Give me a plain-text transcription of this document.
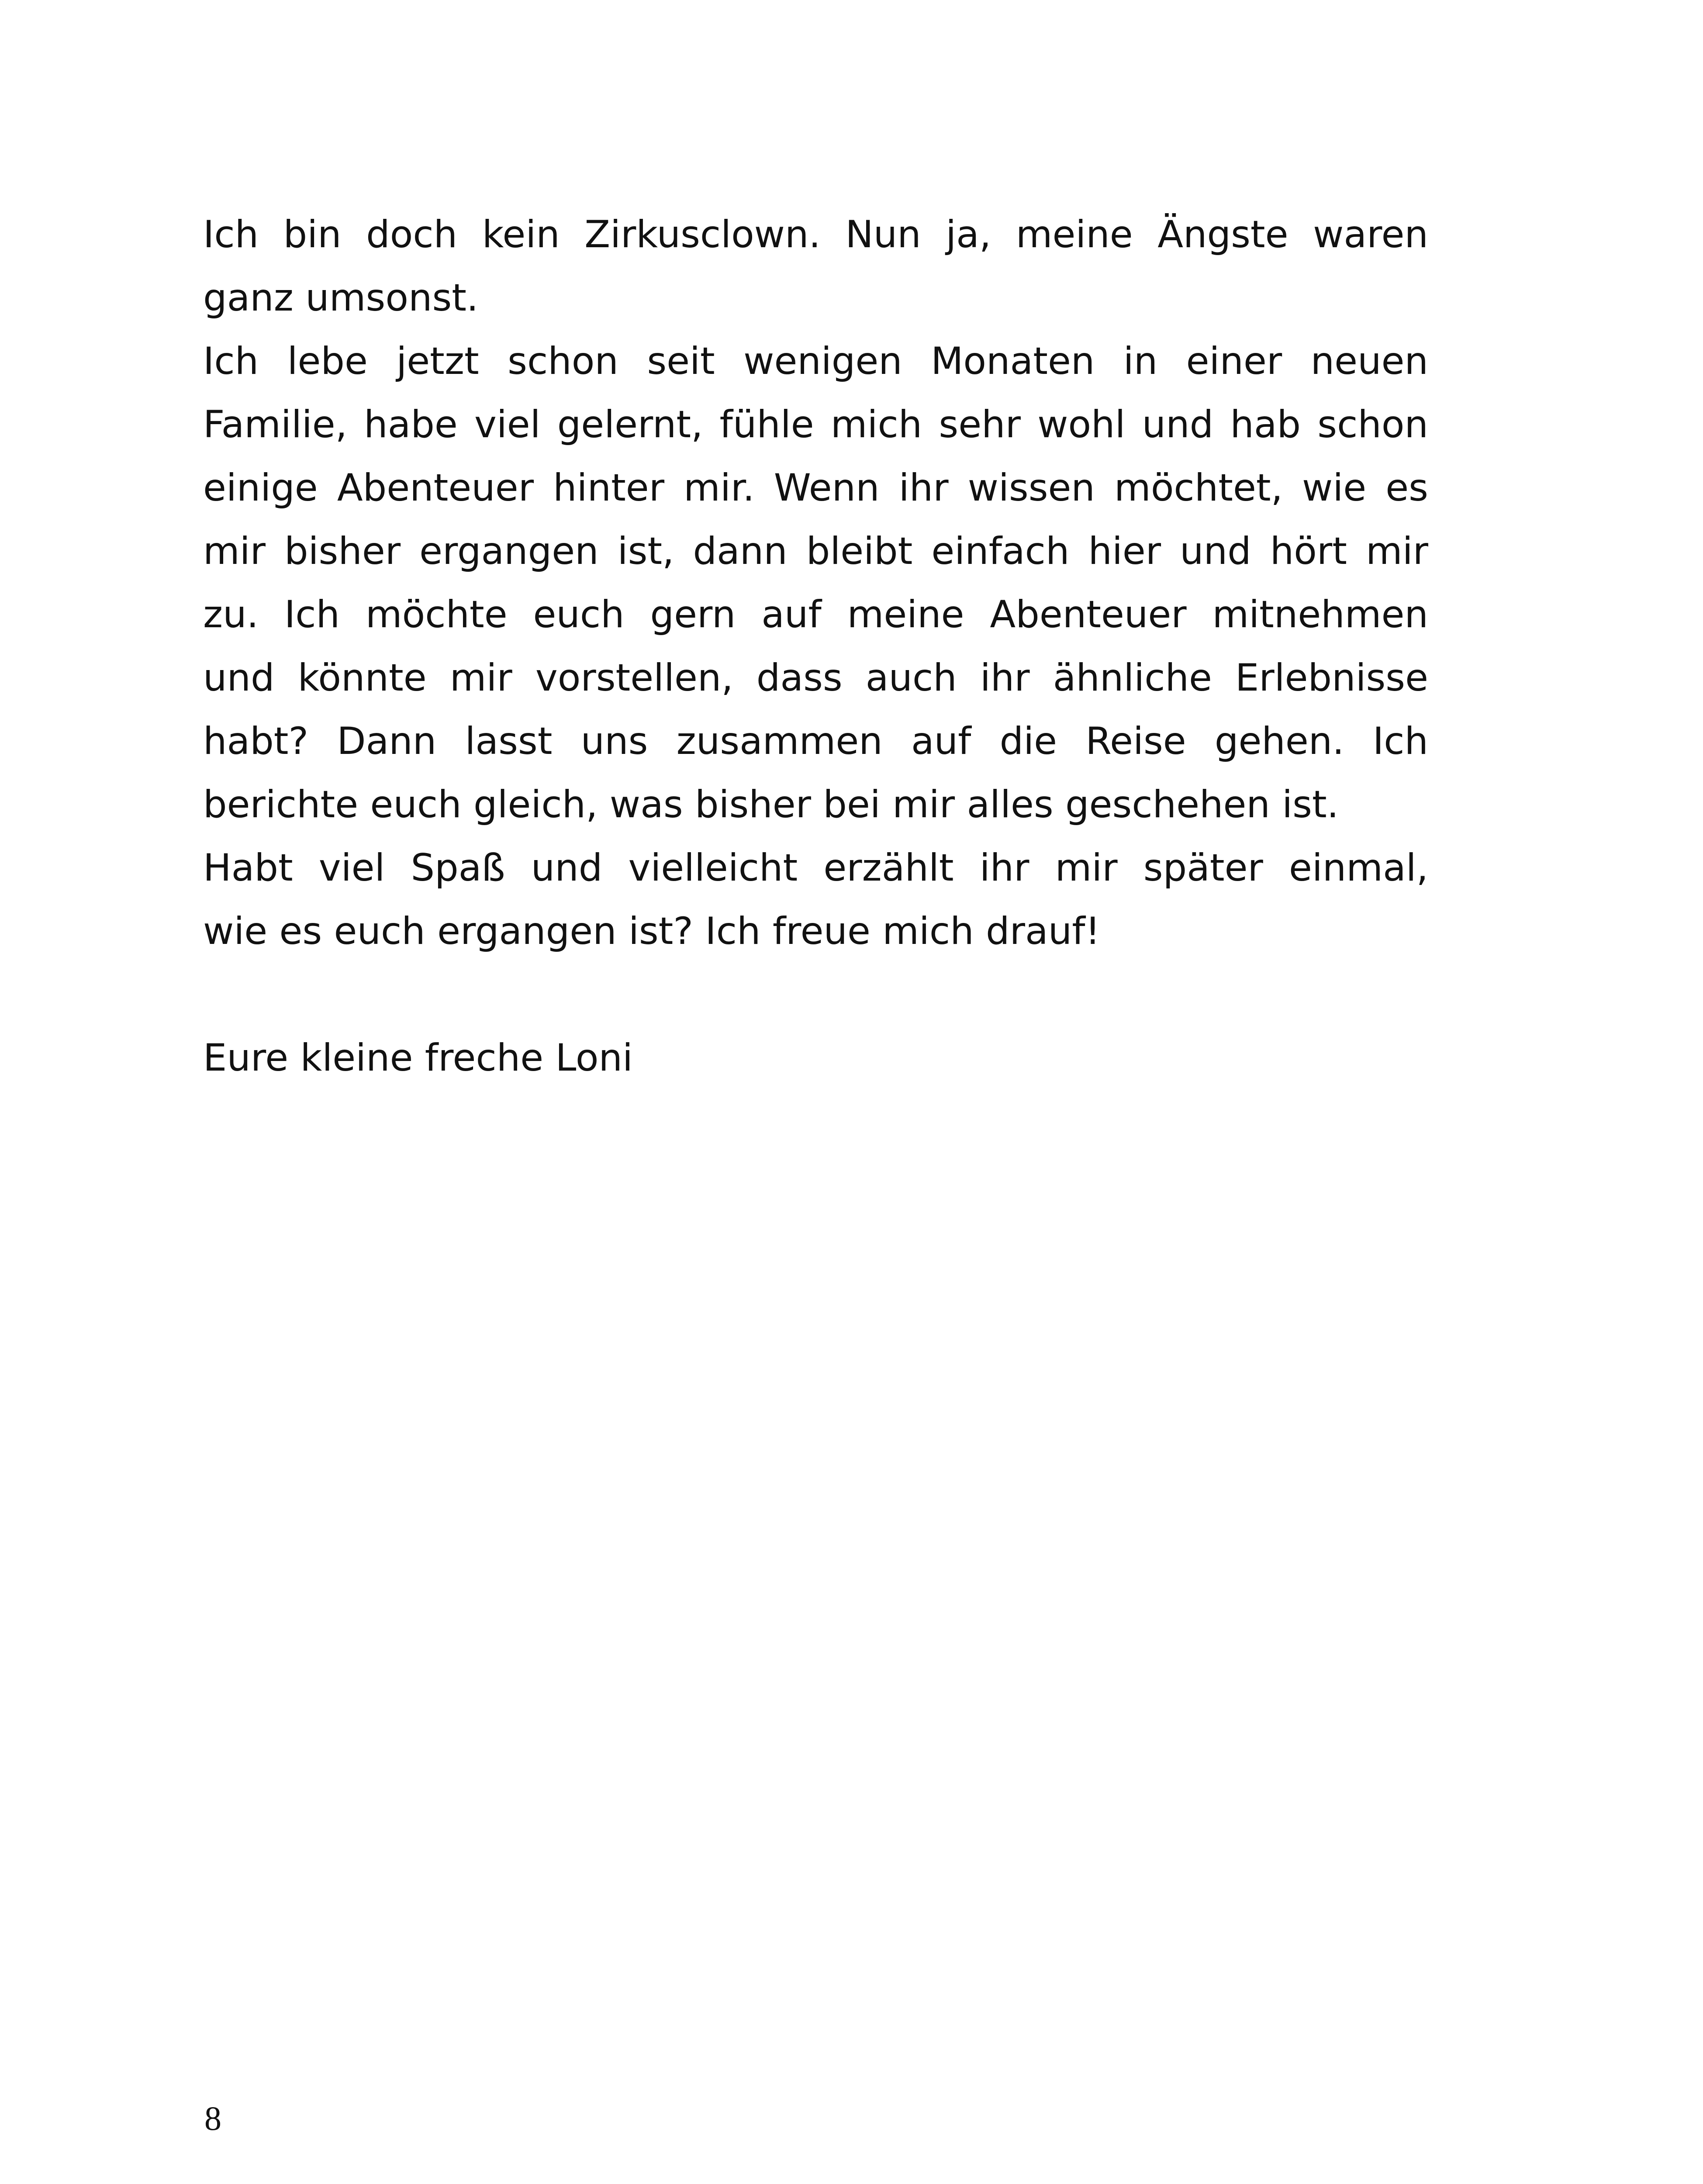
Ich bin doch kein Zirkusclown. Nun ja, meine Ängste waren
ganz umsonst.
Ich lebe jetzt schon seit wenigen Monaten in einer neuen
Familie, habe viel gelernt, fühle mich sehr wohl und hab schon
einige Abenteuer hinter mir. Wenn ihr wissen möchtet, wie es
mir bisher ergangen ist, dann bleibt einfach hier und hört mir
zu. Ich möchte euch gern auf meine Abenteuer mitnehmen
und könnte mir vorstellen, dass auch ihr ähnliche Erlebnisse
habt? Dann lasst uns zusammen auf die Reise gehen. Ich
berichte euch gleich, was bisher bei mir alles geschehen ist.
Habt viel Spaß und vielleicht erzählt ihr mir später einmal,
wie es euch ergangen ist? Ich freue mich drauf!
Eure kleine freche Loni
8
